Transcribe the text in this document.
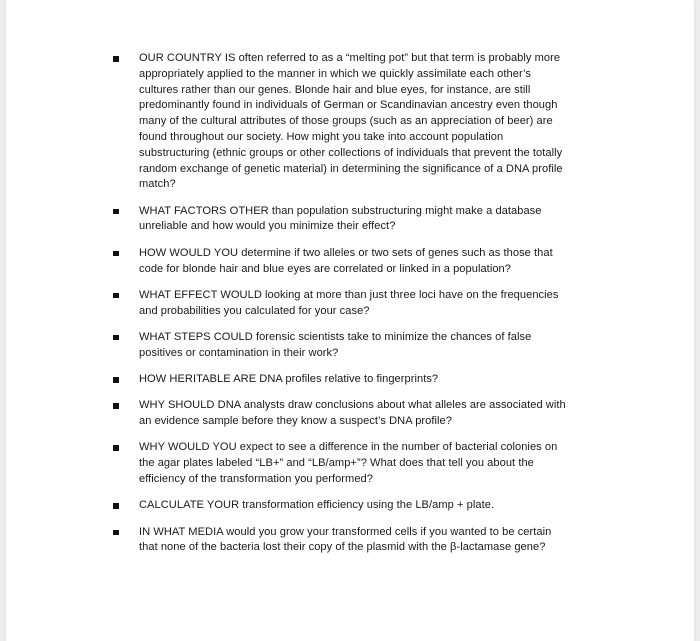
OUR COUNTRY IS often referred to as a “melting pot” but that term is probably more appropriately applied to the manner in which we quickly assimilate each other’s cultures rather than our genes. Blonde hair and blue eyes, for instance, are still predominantly found in individuals of German or Scandinavian ancestry even though many of the cultural attributes of those groups (such as an appreciation of beer) are found throughout our society. How might you take into account population substructuring (ethnic groups or other collections of individuals that prevent the totally random exchange of genetic material) in determining the significance of a DNA profile match?
WHAT FACTORS OTHER than population substructuring might make a database unreliable and how would you minimize their effect?
HOW WOULD YOU determine if two alleles or two sets of genes such as those that code for blonde hair and blue eyes are correlated or linked in a population?
WHAT EFFECT WOULD looking at more than just three loci have on the frequencies and probabilities you calculated for your case?
WHAT STEPS COULD forensic scientists take to minimize the chances of false positives or contamination in their work?
HOW HERITABLE ARE DNA profiles relative to fingerprints?
WHY SHOULD DNA analysts draw conclusions about what alleles are associated with an evidence sample before they know a suspect’s DNA profile?
WHY WOULD YOU expect to see a difference in the number of bacterial colonies on the agar plates labeled “LB+” and “LB/amp+”? What does that tell you about the efficiency of the transformation you performed?
CALCULATE YOUR transformation efficiency using the LB/amp + plate.
IN WHAT MEDIA would you grow your transformed cells if you wanted to be certain that none of the bacteria lost their copy of the plasmid with the β-lactamase gene?
